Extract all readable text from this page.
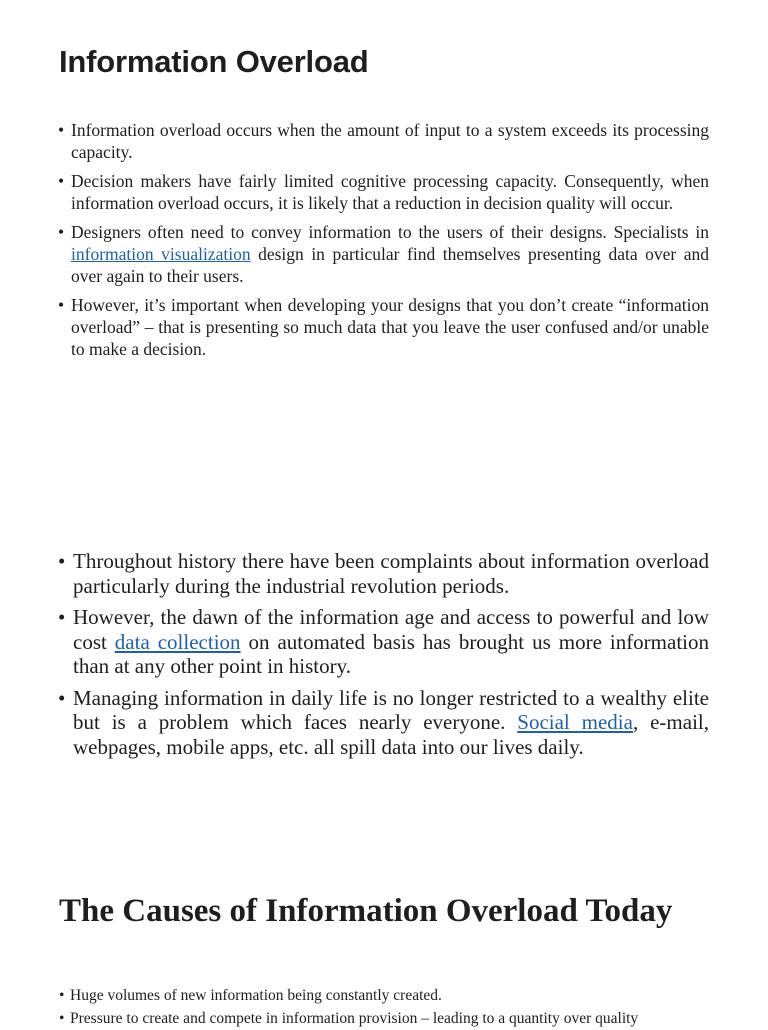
Information Overload
• Information overload occurs when the amount of input to a system exceeds its processing capacity.
• Decision makers have fairly limited cognitive processing capacity. Consequently, when information overload occurs, it is likely that a reduction in decision quality will occur.
• Designers often need to convey information to the users of their designs. Specialists in information visualization design in particular find themselves presenting data over and over again to their users.
• However, it’s important when developing your designs that you don’t create “information overload” – that is presenting so much data that you leave the user confused and/or unable to make a decision.
• Throughout history there have been complaints about information overload particularly during the industrial revolution periods.
• However, the dawn of the information age and access to powerful and low cost data collection on automated basis has brought us more information than at any other point in history.
• Managing information in daily life is no longer restricted to a wealthy elite but is a problem which faces nearly everyone. Social media, e-mail, webpages, mobile apps, etc. all spill data into our lives daily.
The Causes of Information Overload Today
• Huge volumes of new information being constantly created.
• Pressure to create and compete in information provision – leading to a quantity over quality
